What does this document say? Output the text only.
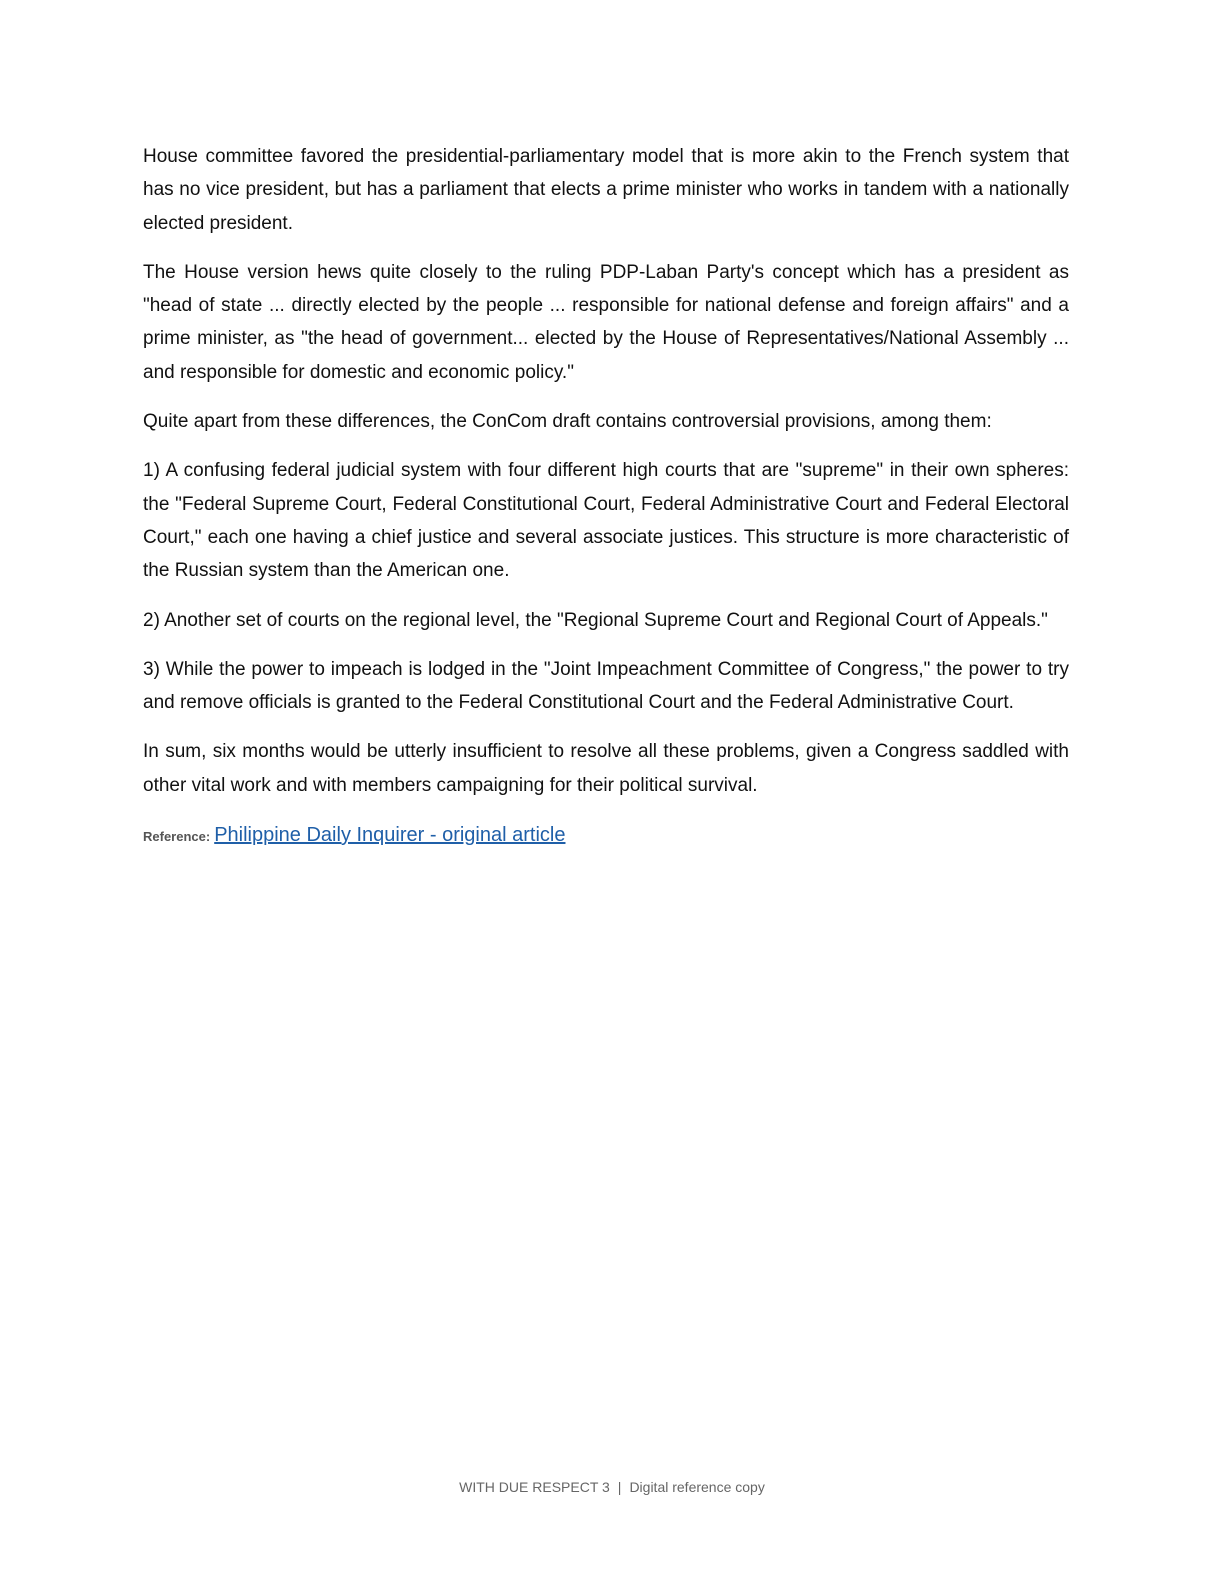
House committee favored the presidential-parliamentary model that is more akin to the French system that has no vice president, but has a parliament that elects a prime minister who works in tandem with a nationally elected president.

The House version hews quite closely to the ruling PDP-Laban Party's concept which has a president as "head of state ... directly elected by the people ... responsible for national defense and foreign affairs" and a prime minister, as "the head of government... elected by the House of Representatives/National Assembly ... and responsible for domestic and economic policy."

Quite apart from these differences, the ConCom draft contains controversial provisions, among them:

1) A confusing federal judicial system with four different high courts that are "supreme" in their own spheres: the "Federal Supreme Court, Federal Constitutional Court, Federal Administrative Court and Federal Electoral Court," each one having a chief justice and several associate justices. This structure is more characteristic of the Russian system than the American one.

2) Another set of courts on the regional level, the "Regional Supreme Court and Regional Court of Appeals."

3) While the power to impeach is lodged in the "Joint Impeachment Committee of Congress," the power to try and remove officials is granted to the Federal Constitutional Court and the Federal Administrative Court.

In sum, six months would be utterly insufficient to resolve all these problems, given a Congress saddled with other vital work and with members campaigning for their political survival.

Reference: Philippine Daily Inquirer - original article
WITH DUE RESPECT 3 | Digital reference copy
